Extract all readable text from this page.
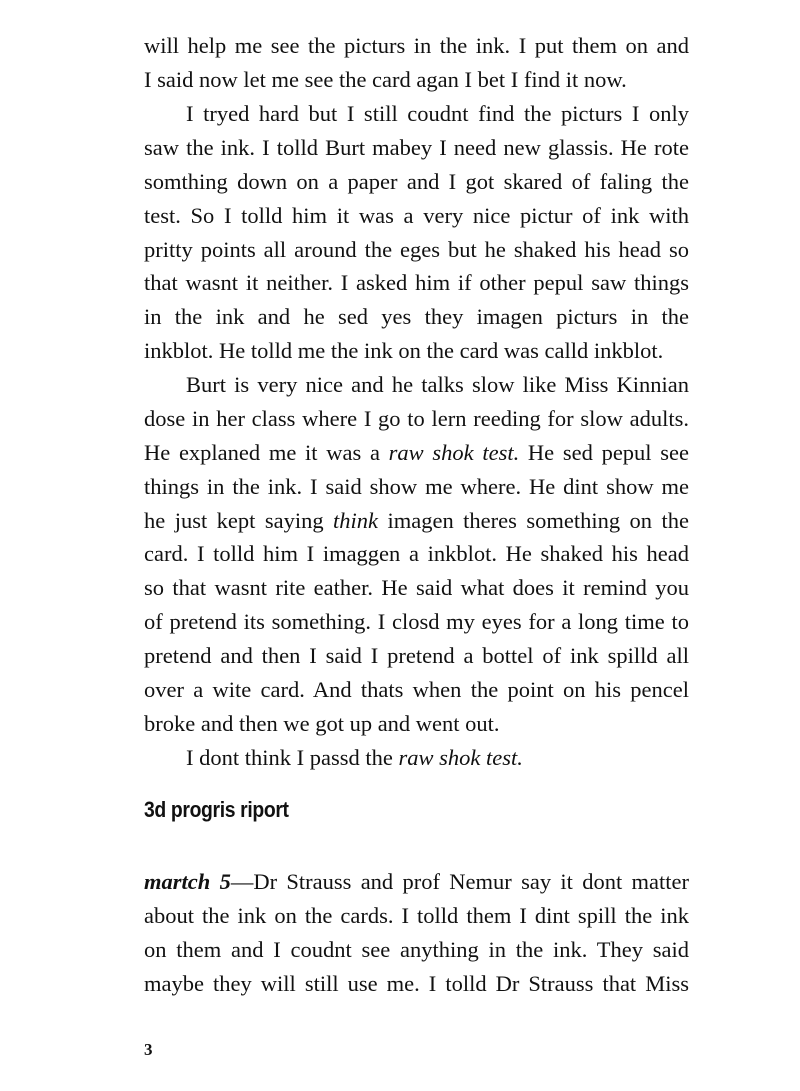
will help me see the picturs in the ink. I put them on and
I said now let me see the card agan I bet I find it now.
I tryed hard but I still coudnt find the picturs I only
saw the ink. I tolld Burt mabey I need new glassis. He rote
somthing down on a paper and I got skared of faling the
test. So I tolld him it was a very nice pictur of ink with
pritty points all around the eges but he shaked his head so
that wasnt it neither. I asked him if other pepul saw things
in the ink and he sed yes they imagen picturs in the
inkblot. He tolld me the ink on the card was calld inkblot.
Burt is very nice and he talks slow like Miss Kinnian
dose in her class where I go to lern reeding for slow adults.
He explaned me it was a raw shok test. He sed pepul see
things in the ink. I said show me where. He dint show me
he just kept saying think imagen theres something on the
card. I tolld him I imaggen a inkblot. He shaked his head
so that wasnt rite eather. He said what does it remind you
of pretend its something. I closd my eyes for a long time to
pretend and then I said I pretend a bottel of ink spilld all
over a wite card. And thats when the point on his pencel
broke and then we got up and went out.
I dont think I passd the raw shok test.
3d progris riport
martch 5—Dr Strauss and prof Nemur say it dont matter
about the ink on the cards. I tolld them I dint spill the ink
on them and I coudnt see anything in the ink. They said
maybe they will still use me. I tolld Dr Strauss that Miss
3
